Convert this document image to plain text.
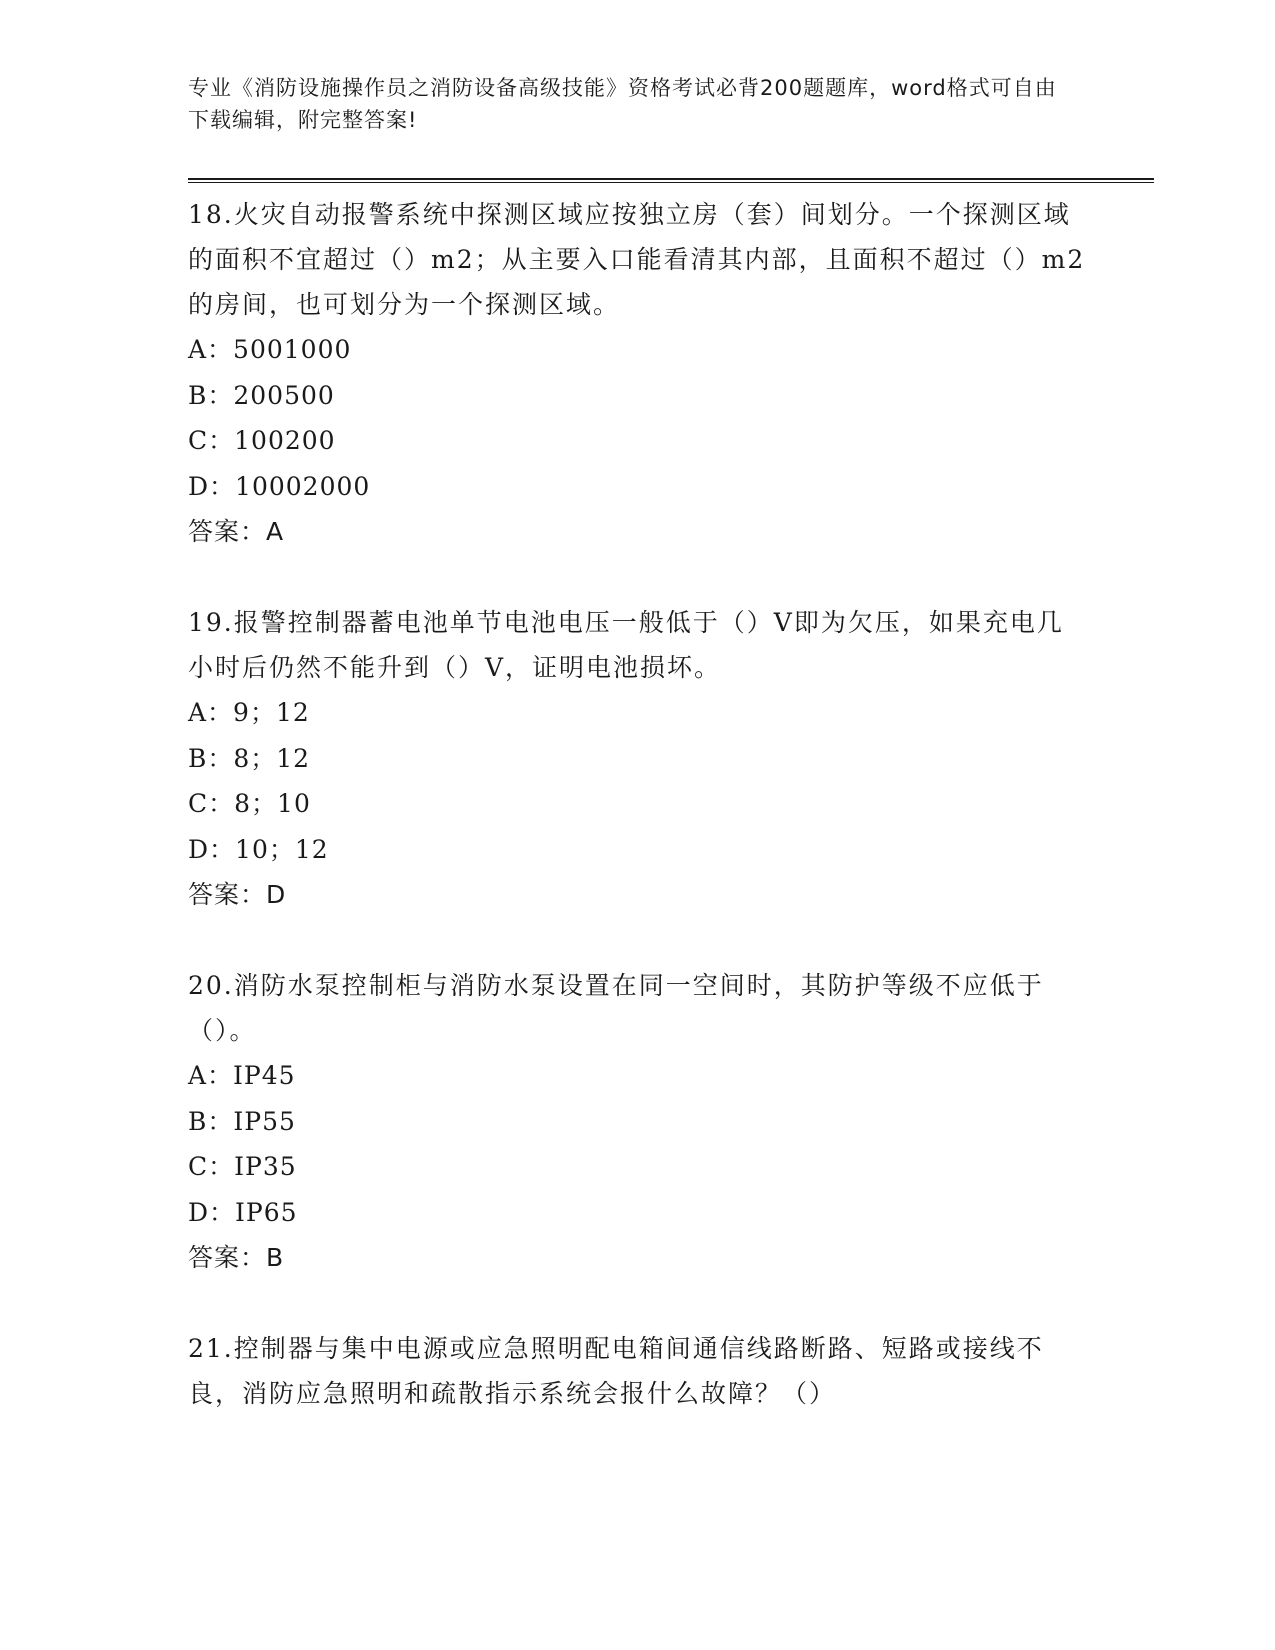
专业《消防设施操作员之消防设备高级技能》资格考试必背200题题库，word格式可自由下载编辑，附完整答案!

18.火灾自动报警系统中探测区域应按独立房（套）间划分。一个探测区域的面积不宜超过（）m2；从主要入口能看清其内部，且面积不超过（）m2的房间，也可划分为一个探测区域。

A：5001000

B：200500

C：100200

D：10002000

答案：A

19.报警控制器蓄电池单节电池电压一般低于（）V即为欠压，如果充电几小时后仍然不能升到（）V，证明电池损坏。

A：9；12

B：8；12

C：8；10

D：10；12

答案：D

20.消防水泵控制柜与消防水泵设置在同一空间时，其防护等级不应低于（）。

A：IP45

B：IP55

C：IP35

D：IP65

答案：B

21.控制器与集中电源或应急照明配电箱间通信线路断路、短路或接线不良，消防应急照明和疏散指示系统会报什么故障？（）
